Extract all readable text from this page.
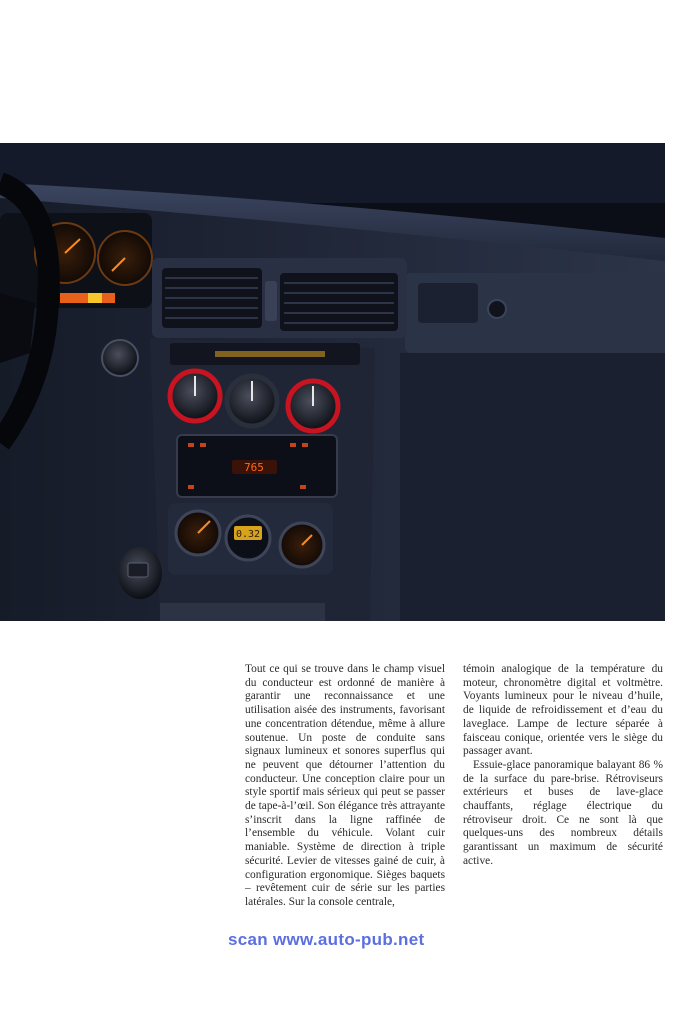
765
0.32

Tout ce qui se trouve dans le champ visuel du conducteur est ordonné de manière à garantir une reconnaissance et une utilisation aisée des instruments, favorisant une concentration détendue, même à allure soutenue. Un poste de conduite sans signaux lumineux et sonores superflus qui ne peuvent que détourner l’attention du conducteur. Une conception claire pour un style sportif mais sérieux qui peut se passer de tape-à-l’œil. Son élégance très attrayante s’inscrit dans la ligne raffinée de l’ensemble du véhicule. Volant cuir maniable. Système de direction à triple sécurité. Levier de vitesses gainé de cuir, à configuration ergonomique. Sièges baquets – revêtement cuir de série sur les parties latérales. Sur la console centrale,

témoin analogique de la température du moteur, chronomètre digital et voltmètre. Voyants lumineux pour le niveau d’huile, de liquide de refroidissement et d’eau du laveglace. Lampe de lecture séparée à faisceau conique, orientée vers le siège du passager avant.

Essuie-glace panoramique balayant 86 % de la surface du pare-brise. Rétroviseurs extérieurs et buses de lave-glace chauffants, réglage électrique du rétroviseur droit. Ce ne sont là que quelques-uns des nombreux détails garantissant un maximum de sécurité active.

scan www.auto-pub.net
